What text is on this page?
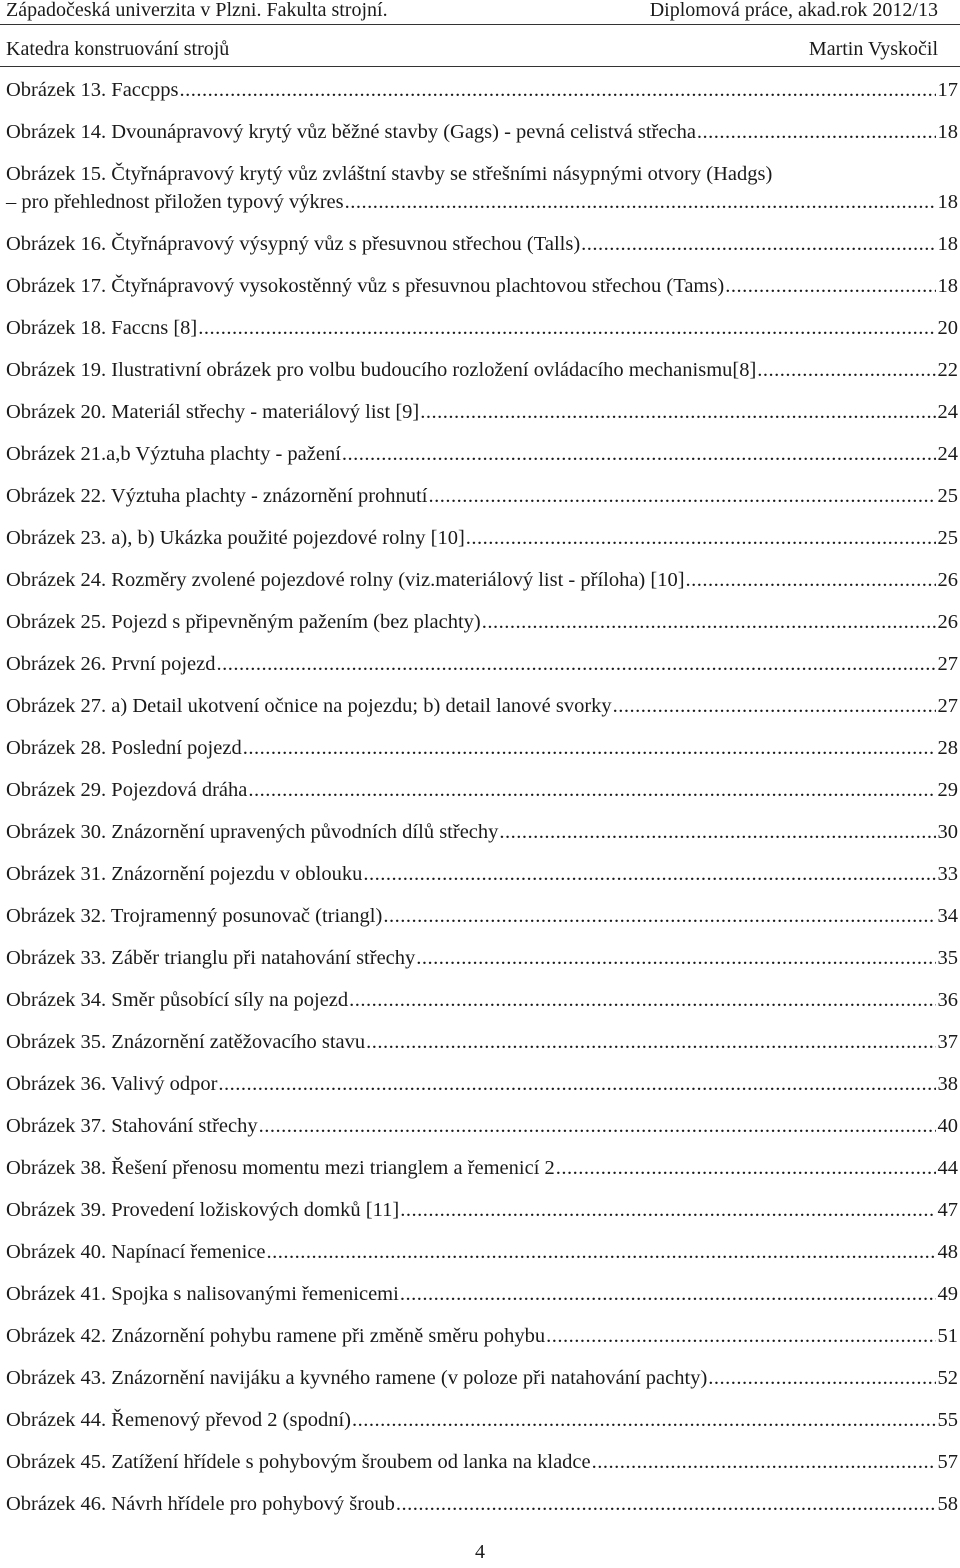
Západočeská univerzita v Plzni. Fakulta strojní.	Diplomová práce, akad.rok 2012/13
Katedra konstruování strojů	Martin Vyskočil
Obrázek 13. Faccpps .....	17
Obrázek 14. Dvounápravový krytý vůz běžné stavby (Gags) - pevná celistvá střecha .....	18
Obrázek 15. Čtyřnápravový krytý vůz zvláštní stavby se střešními násypnými otvory (Hadgs)
– pro přehlednost přiložen typový výkres .....	18
Obrázek 16. Čtyřnápravový výsypný vůz s přesuvnou střechou (Talls) .....	18
Obrázek 17. Čtyřnápravový vysokostěnný vůz s přesuvnou plachtovou střechou (Tams) .....	18
Obrázek 18. Faccns [8] .....	20
Obrázek 19. Ilustrativní obrázek pro volbu budoucího rozložení ovládacího mechanismu[8] .....	22
Obrázek 20. Materiál střechy - materiálový list [9] .....	24
Obrázek 21.a,b Výztuha plachty - pažení .....	24
Obrázek 22. Výztuha plachty - znázornění prohnutí .....	25
Obrázek 23. a), b) Ukázka použité pojezdové rolny [10] .....	25
Obrázek 24. Rozměry zvolené pojezdové rolny (viz.materiálový list - příloha) [10] .....	26
Obrázek 25. Pojezd s připevněným pažením (bez plachty) .....	26
Obrázek 26. První pojezd .....	27
Obrázek 27. a) Detail ukotvení očnice na pojezdu; b) detail lanové svorky .....	27
Obrázek 28. Poslední pojezd .....	28
Obrázek 29. Pojezdová dráha .....	29
Obrázek 30. Znázornění upravených původních dílů střechy .....	30
Obrázek 31. Znázornění pojezdu v oblouku .....	33
Obrázek 32. Trojramenný posunovač (triangl) .....	34
Obrázek 33. Záběr trianglu při natahování střechy .....	35
Obrázek 34. Směr působící síly na pojezd .....	36
Obrázek 35. Znázornění zatěžovacího stavu .....	37
Obrázek 36. Valivý odpor .....	38
Obrázek 37. Stahování střechy .....	40
Obrázek 38. Řešení přenosu momentu mezi trianglem a řemenicí 2 .....	44
Obrázek 39. Provedení ložiskových domků [11] .....	47
Obrázek 40. Napínací řemenice .....	48
Obrázek 41. Spojka s nalisovanými řemenicemi .....	49
Obrázek 42. Znázornění pohybu ramene při změně směru pohybu .....	51
Obrázek 43. Znázornění navijáku a kyvného ramene (v poloze při natahování pachty) .....	52
Obrázek 44. Řemenový převod 2 (spodní) .....	55
Obrázek 45. Zatížení hřídele s pohybovým šroubem od lanka na kladce .....	57
Obrázek 46. Návrh hřídele pro pohybový šroub .....	58
4
